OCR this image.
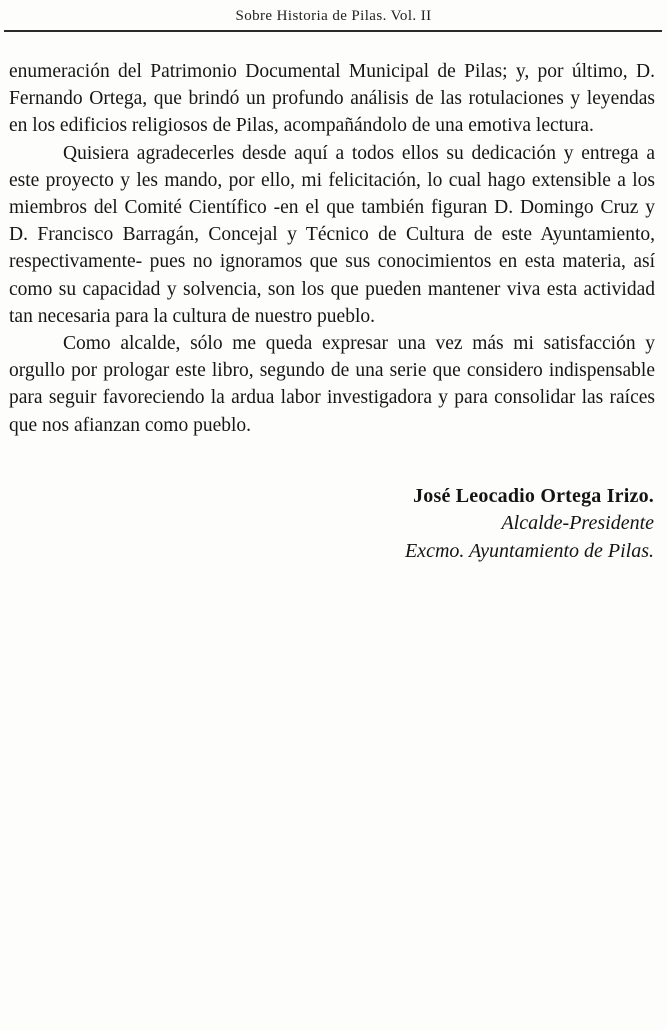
Sobre Historia de Pilas. Vol. II

enumeración del Patrimonio Documental Municipal de Pilas; y, por último, D. Fernando Ortega, que brindó un profundo análisis de las rotulaciones y leyendas en los edificios religiosos de Pilas, acompañándolo de una emotiva lectura.

Quisiera agradecerles desde aquí a todos ellos su dedicación y entrega a este proyecto y les mando, por ello, mi felicitación, lo cual hago extensible a los miembros del Comité Científico -en el que también figuran D. Domingo Cruz y D. Francisco Barragán, Concejal y Técnico de Cultura de este Ayuntamiento, respectivamente- pues no ignoramos que sus conocimientos en esta materia, así como su capacidad y solvencia, son los que pueden mantener viva esta actividad tan necesaria para la cultura de nuestro pueblo.

Como alcalde, sólo me queda expresar una vez más mi satisfacción y orgullo por prologar este libro, segundo de una serie que considero indispensable para seguir favoreciendo la ardua labor investigadora y para consolidar las raíces que nos afianzan como pueblo.

José Leocadio Ortega Irizo.
Alcalde-Presidente
Excmo. Ayuntamiento de Pilas.
